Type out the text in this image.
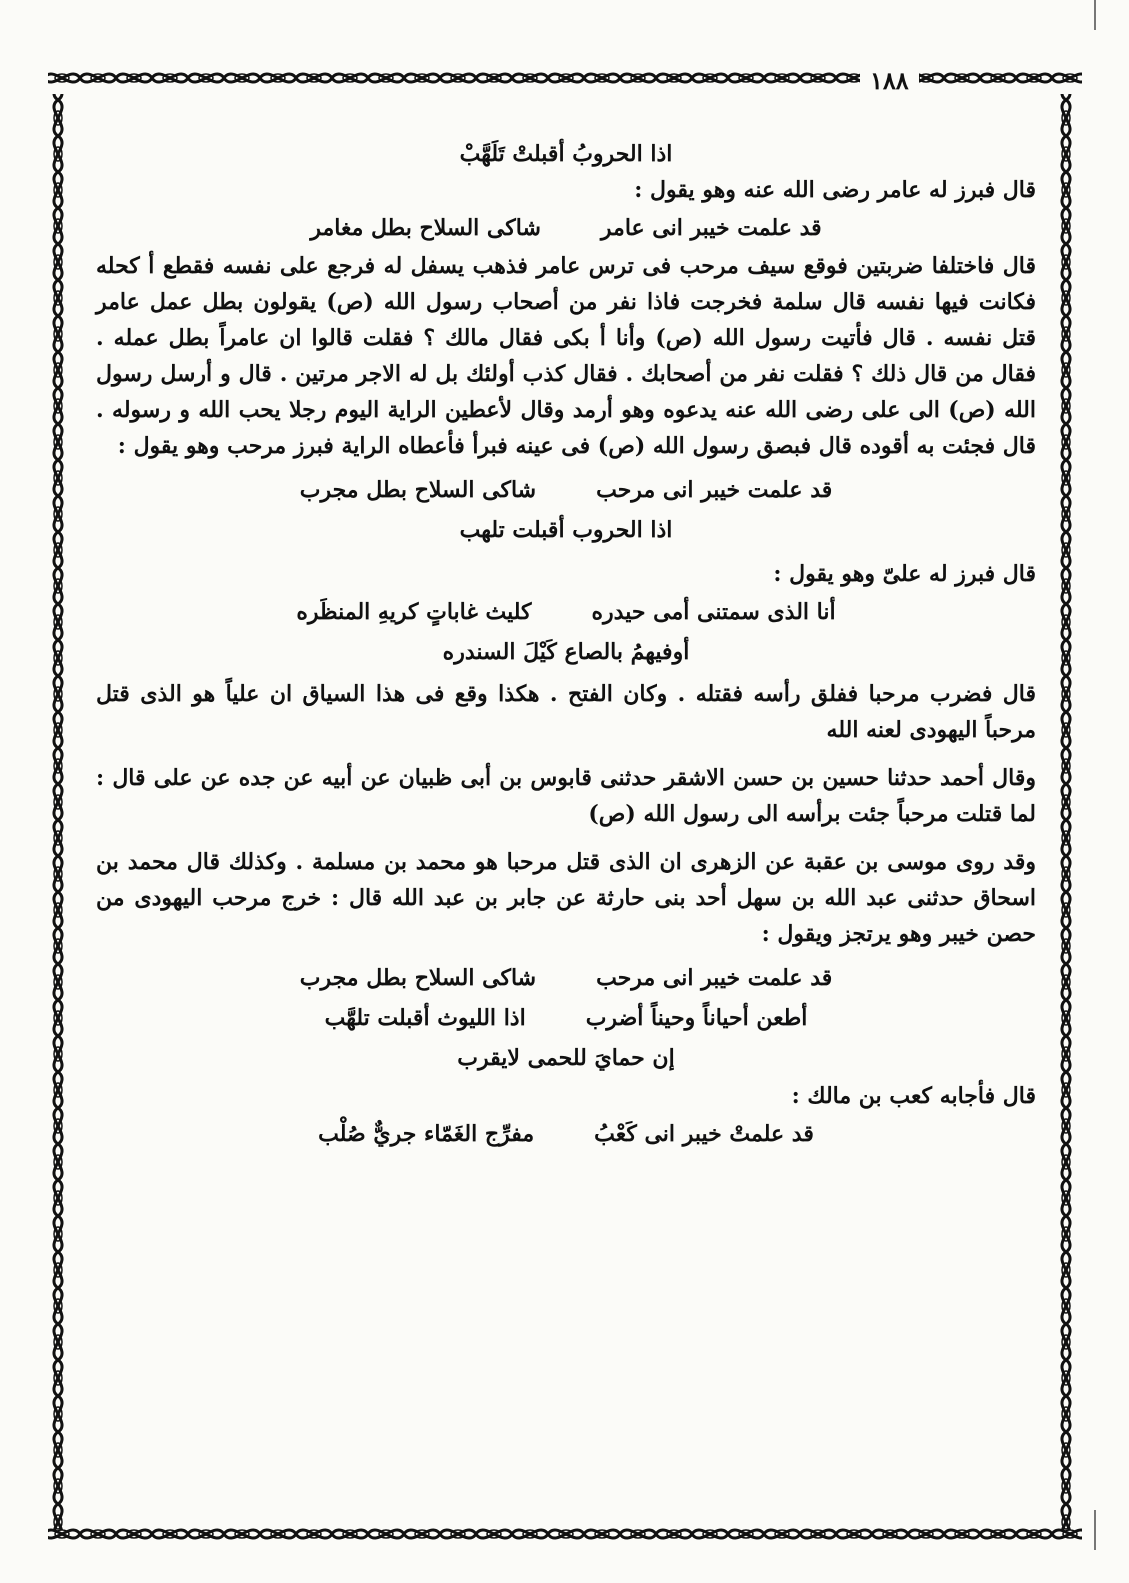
١٨٨
اذا الحروبُ أقبلتْ تَلَهَّبْ
قال فبرز له عامر رضى الله عنه وهو يقول :
قد علمت خيبر انى عامر
شاكى السلاح بطل مغامر
قال فاختلفا ضربتين فوقع سيف مرحب فى ترس عامر فذهب يسفل له فرجع على نفسه فقطع أ كحله فكانت فيها نفسه قال سلمة فخرجت فاذا نفر من أصحاب رسول الله (ص) يقولون بطل عمل عامر قتل نفسه . قال فأتيت رسول الله (ص) وأنا أ بكى فقال مالك ؟ فقلت قالوا ان عامراً بطل عمله . فقال من قال ذلك ؟ فقلت نفر من أصحابك . فقال كذب أولئك بل له الاجر مرتين . قال و أرسل رسول الله (ص) الى على رضى الله عنه يدعوه وهو أرمد وقال لأعطين الراية اليوم رجلا يحب الله و رسوله . قال فجئت به أقوده قال فبصق رسول الله (ص) فى عينه فبرأ فأعطاه الراية فبرز مرحب وهو يقول :
قد علمت خيبر انى مرحب
شاكى السلاح بطل مجرب
اذا الحروب أقبلت تلهب
قال فبرز له علىّ وهو يقول :
أنا الذى سمتنى أمى حيدره
كليث غاباتٍ كريهِ المنظَره
أوفيهمُ بالصاع كَيْلَ السندره
قال فضرب مرحبا ففلق رأسه فقتله . وكان الفتح . هكذا وقع فى هذا السياق ان علياً هو الذى قتل مرحباً اليهودى لعنه الله
وقال أحمد حدثنا حسين بن حسن الاشقر حدثنى قابوس بن أبى ظبيان عن أبيه عن جده عن على قال : لما قتلت مرحباً جئت برأسه الى رسول الله (ص)
وقد روى موسى بن عقبة عن الزهرى ان الذى قتل مرحبا هو محمد بن مسلمة . وكذلك قال محمد بن اسحاق حدثنى عبد الله بن سهل أحد بنى حارثة عن جابر بن عبد الله قال : خرج مرحب اليهودى من حصن خيبر وهو يرتجز ويقول :
قد علمت خيبر انى مرحب
شاكى السلاح بطل مجرب
أطعن أحياناً وحيناً أضرب
اذا الليوث أقبلت تلهَّب
إن حمايَ للحمى لايقرب
قال فأجابه كعب بن مالك :
قد علمتْ خيبر انى كَعْبُ
مفرِّج الغَمّاء جريٌّ صُلْب
